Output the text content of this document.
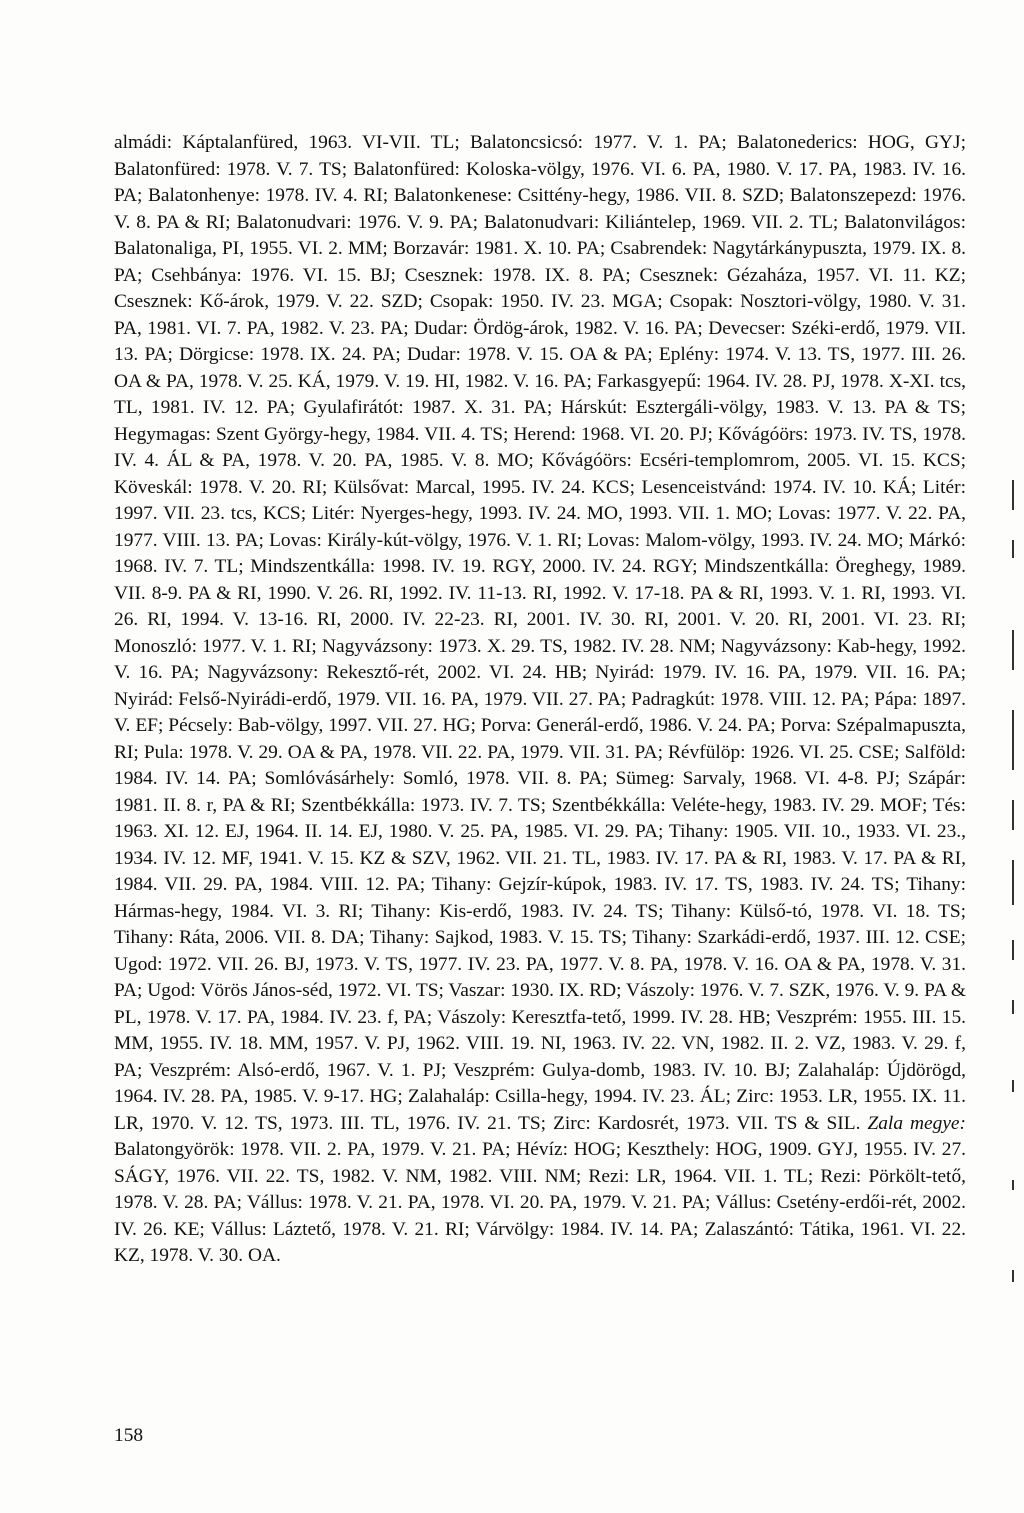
almádi: Káptalanfüred, 1963. VI-VII. TL; Balatoncsicsó: 1977. V. 1. PA; Balatonederics: HOG, GYJ; Balatonfüred: 1978. V. 7. TS; Balatonfüred: Koloska-völgy, 1976. VI. 6. PA, 1980. V. 17. PA, 1983. IV. 16. PA; Balatonhenye: 1978. IV. 4. RI; Balatonkenese: Csittény-hegy, 1986. VII. 8. SZD; Balatonszepezd: 1976. V. 8. PA & RI; Balatonudvari: 1976. V. 9. PA; Balatonudvari: Kiliántelep, 1969. VII. 2. TL; Balatonvilágos: Balatonaliga, PI, 1955. VI. 2. MM; Borzavár: 1981. X. 10. PA; Csabrendek: Nagytárkánypuszta, 1979. IX. 8. PA; Csehbánya: 1976. VI. 15. BJ; Csesznek: 1978. IX. 8. PA; Csesznek: Gézaháza, 1957. VI. 11. KZ; Csesznek: Kő-árok, 1979. V. 22. SZD; Csopak: 1950. IV. 23. MGA; Csopak: Nosztori-völgy, 1980. V. 31. PA, 1981. VI. 7. PA, 1982. V. 23. PA; Dudar: Ördög-árok, 1982. V. 16. PA; Devecser: Széki-erdő, 1979. VII. 13. PA; Dörgicse: 1978. IX. 24. PA; Dudar: 1978. V. 15. OA & PA; Eplény: 1974. V. 13. TS, 1977. III. 26. OA & PA, 1978. V. 25. KÁ, 1979. V. 19. HI, 1982. V. 16. PA; Farkasgyepű: 1964. IV. 28. PJ, 1978. X-XI. tcs, TL, 1981. IV. 12. PA; Gyulafirátót: 1987. X. 31. PA; Hárskút: Esztergáli-völgy, 1983. V. 13. PA & TS; Hegymagas: Szent György-hegy, 1984. VII. 4. TS; Herend: 1968. VI. 20. PJ; Kővágóörs: 1973. IV. TS, 1978. IV. 4. ÁL & PA, 1978. V. 20. PA, 1985. V. 8. MO; Kővágóörs: Ecséri-templomrom, 2005. VI. 15. KCS; Köveskál: 1978. V. 20. RI; Külsővat: Marcal, 1995. IV. 24. KCS; Lesenceistvánd: 1974. IV. 10. KÁ; Litér: 1997. VII. 23. tcs, KCS; Litér: Nyerges-hegy, 1993. IV. 24. MO, 1993. VII. 1. MO; Lovas: 1977. V. 22. PA, 1977. VIII. 13. PA; Lovas: Király-kút-völgy, 1976. V. 1. RI; Lovas: Malom-völgy, 1993. IV. 24. MO; Márkó: 1968. IV. 7. TL; Mindszentkálla: 1998. IV. 19. RGY, 2000. IV. 24. RGY; Mindszentkálla: Öreghegy, 1989. VII. 8-9. PA & RI, 1990. V. 26. RI, 1992. IV. 11-13. RI, 1992. V. 17-18. PA & RI, 1993. V. 1. RI, 1993. VI. 26. RI, 1994. V. 13-16. RI, 2000. IV. 22-23. RI, 2001. IV. 30. RI, 2001. V. 20. RI, 2001. VI. 23. RI; Monoszló: 1977. V. 1. RI; Nagyvázsony: 1973. X. 29. TS, 1982. IV. 28. NM; Nagyvázsony: Kab-hegy, 1992. V. 16. PA; Nagyvázsony: Rekesztő-rét, 2002. VI. 24. HB; Nyirád: 1979. IV. 16. PA, 1979. VII. 16. PA; Nyirád: Felső-Nyirádi-erdő, 1979. VII. 16. PA, 1979. VII. 27. PA; Padragkút: 1978. VIII. 12. PA; Pápa: 1897. V. EF; Pécsely: Bab-völgy, 1997. VII. 27. HG; Porva: Generál-erdő, 1986. V. 24. PA; Porva: Szépalmapuszta, RI; Pula: 1978. V. 29. OA & PA, 1978. VII. 22. PA, 1979. VII. 31. PA; Révfülöp: 1926. VI. 25. CSE; Salföld: 1984. IV. 14. PA; Somlóvásárhely: Somló, 1978. VII. 8. PA; Sümeg: Sarvaly, 1968. VI. 4-8. PJ; Szápár: 1981. II. 8. r, PA & RI; Szentbékkálla: 1973. IV. 7. TS; Szentbékkálla: Veléte-hegy, 1983. IV. 29. MOF; Tés: 1963. XI. 12. EJ, 1964. II. 14. EJ, 1980. V. 25. PA, 1985. VI. 29. PA; Tihany: 1905. VII. 10., 1933. VI. 23., 1934. IV. 12. MF, 1941. V. 15. KZ & SZV, 1962. VII. 21. TL, 1983. IV. 17. PA & RI, 1983. V. 17. PA & RI, 1984. VII. 29. PA, 1984. VIII. 12. PA; Tihany: Gejzír-kúpok, 1983. IV. 17. TS, 1983. IV. 24. TS; Tihany: Hármas-hegy, 1984. VI. 3. RI; Tihany: Kis-erdő, 1983. IV. 24. TS; Tihany: Külső-tó, 1978. VI. 18. TS; Tihany: Ráta, 2006. VII. 8. DA; Tihany: Sajkod, 1983. V. 15. TS; Tihany: Szarkádi-erdő, 1937. III. 12. CSE; Ugod: 1972. VII. 26. BJ, 1973. V. TS, 1977. IV. 23. PA, 1977. V. 8. PA, 1978. V. 16. OA & PA, 1978. V. 31. PA; Ugod: Vörös János-séd, 1972. VI. TS; Vaszar: 1930. IX. RD; Vászoly: 1976. V. 7. SZK, 1976. V. 9. PA & PL, 1978. V. 17. PA, 1984. IV. 23. f, PA; Vászoly: Keresztfa-tető, 1999. IV. 28. HB; Veszprém: 1955. III. 15. MM, 1955. IV. 18. MM, 1957. V. PJ, 1962. VIII. 19. NI, 1963. IV. 22. VN, 1982. II. 2. VZ, 1983. V. 29. f, PA; Veszprém: Alsó-erdő, 1967. V. 1. PJ; Veszprém: Gulya-domb, 1983. IV. 10. BJ; Zalahaláp: Újdörögd, 1964. IV. 28. PA, 1985. V. 9-17. HG; Zalahaláp: Csilla-hegy, 1994. IV. 23. ÁL; Zirc: 1953. LR, 1955. IX. 11. LR, 1970. V. 12. TS, 1973. III. TL, 1976. IV. 21. TS; Zirc: Kardosrét, 1973. VII. TS & SIL. Zala megye: Balatongyörök: 1978. VII. 2. PA, 1979. V. 21. PA; Hévíz: HOG; Keszthely: HOG, 1909. GYJ, 1955. IV. 27. SÁGY, 1976. VII. 22. TS, 1982. V. NM, 1982. VIII. NM; Rezi: LR, 1964. VII. 1. TL; Rezi: Pörkölt-tető, 1978. V. 28. PA; Vállus: 1978. V. 21. PA, 1978. VI. 20. PA, 1979. V. 21. PA; Vállus: Csetény-erdői-rét, 2002. IV. 26. KE; Vállus: Láztető, 1978. V. 21. RI; Várvölgy: 1984. IV. 14. PA; Zalaszántó: Tátika, 1961. VI. 22. KZ, 1978. V. 30. OA.

158
